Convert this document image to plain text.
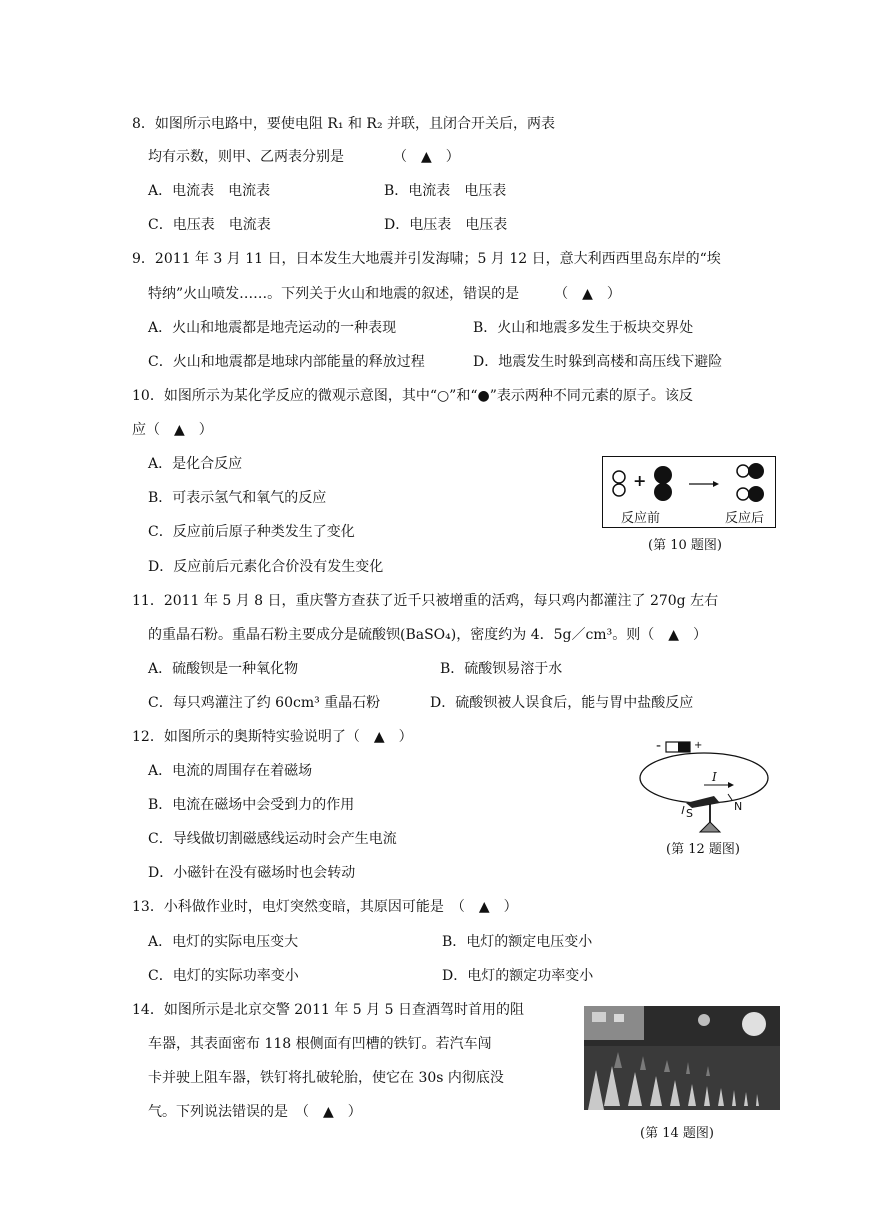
8．如图所示电路中，要使电阻 R₁ 和 R₂ 并联，且闭合开关后，两表
均有示数，则甲、乙两表分别是　　　　（　▲　）
A．电流表　电流表	B．电流表　电压表
C．电压表　电流表	D．电压表　电压表
9．2011 年 3 月 11 日，日本发生大地震并引发海啸；5 月 12 日，意大利西西里岛东岸的“埃
特纳”火山喷发……。下列关于火山和地震的叙述，错误的是　　　（　▲　）
A．火山和地震都是地壳运动的一种表现	B．火山和地震多发生于板块交界处
C．火山和地震都是地球内部能量的释放过程	D．地震发生时躲到高楼和高压线下避险
10．如图所示为某化学反应的微观示意图，其中“○”和“●”表示两种不同元素的原子。该反
应（　▲　）
A．是化合反应
B．可表示氢气和氧气的反应
C．反应前后原子种类发生了变化
D．反应前后元素化合价没有发生变化
+
反应前	反应后
(第 10 题图)
11．2011 年 5 月 8 日，重庆警方查获了近千只被增重的活鸡，每只鸡内都灌注了 270g 左右
的重晶石粉。重晶石粉主要成分是硫酸钡(BaSO₄)，密度约为 4．5g／cm³。则（　▲　）
A．硫酸钡是一种氧化物	B．硫酸钡易溶于水
C．每只鸡灌注了约 60cm³ 重晶石粉	D．硫酸钡被人误食后，能与胃中盐酸反应
12．如图所示的奥斯特实验说明了（　▲　）
A．电流的周围存在着磁场
B．电流在磁场中会受到力的作用
C．导线做切割磁感线运动时会产生电流
D．小磁针在没有磁场时也会转动
-	+
I
S
N
(第 12 题图)
13．小科做作业时，电灯突然变暗，其原因可能是　（　▲　）
A．电灯的实际电压变大	B．电灯的额定电压变小
C．电灯的实际功率变小	D．电灯的额定功率变小
14．如图所示是北京交警 2011 年 5 月 5 日查酒驾时首用的阻
车器，其表面密布 118 根侧面有凹槽的铁钉。若汽车闯
卡并驶上阻车器，铁钉将扎破轮胎，使它在 30s 内彻底没
气。下列说法错误的是　（　▲　）
(第 14 题图)
